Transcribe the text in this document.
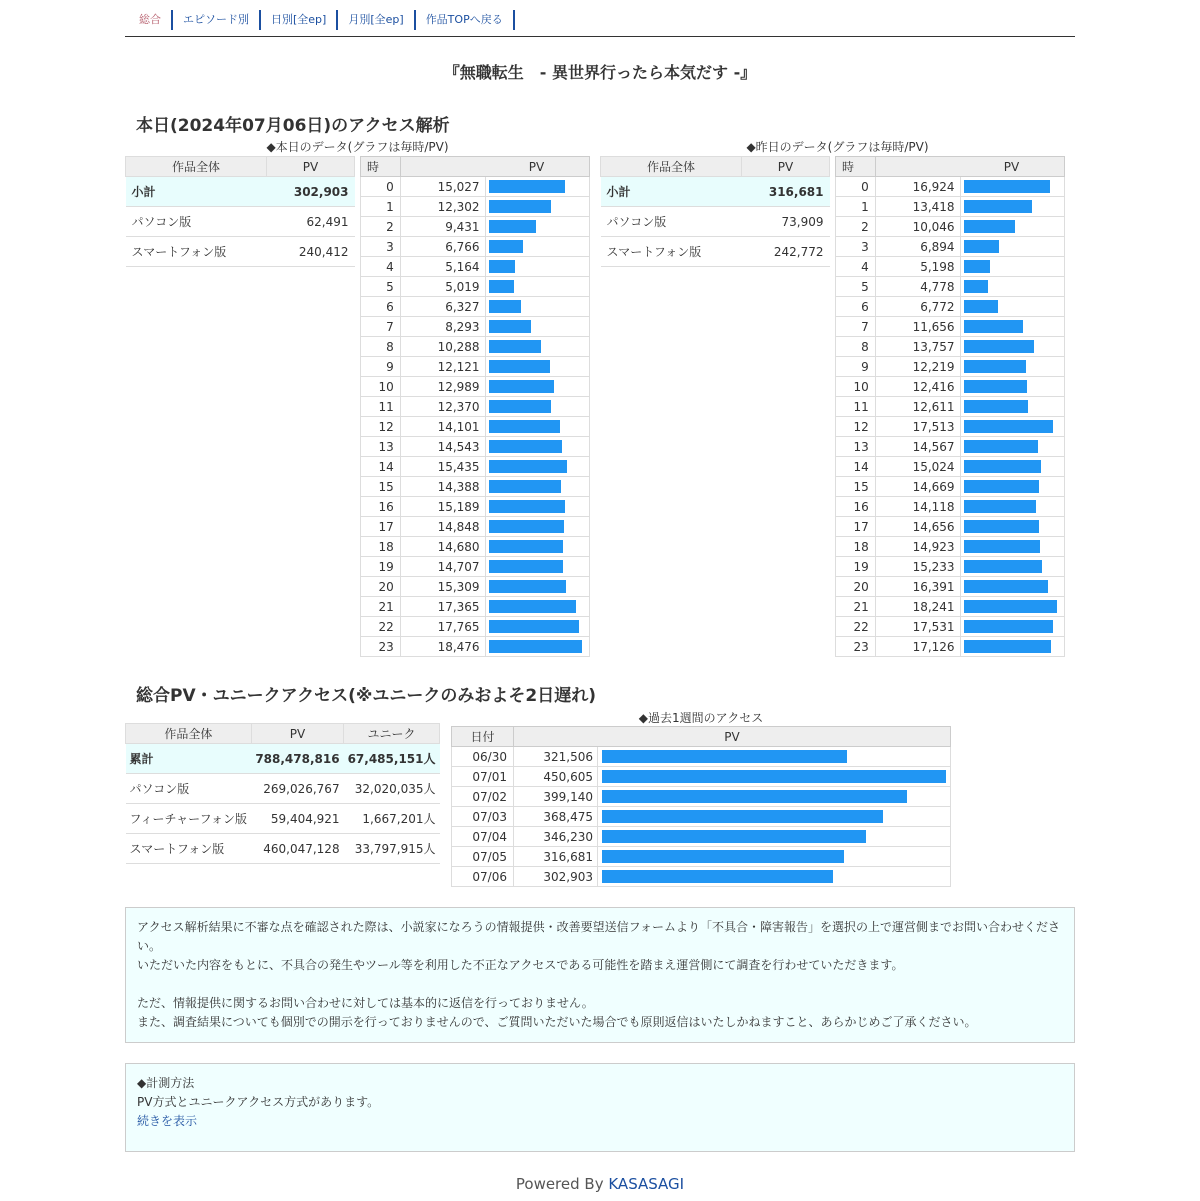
総合	エピソード別	日別[全ep]	月別[全ep]	作品TOPへ戻る
『無職転生　- 異世界行ったら本気だす -』
本日(2024年07月06日)のアクセス解析
◆本日のデータ(グラフは毎時/PV)
作品全体	PV
小計	302,903
パソコン版	62,491
スマートフォン版	240,412
時	PV	
0	15,027	

1	12,302	

2	9,431	

3	6,766	

4	5,164	

5	5,019	

6	6,327	

7	8,293	

8	10,288	

9	12,121	

10	12,989	

11	12,370	

12	14,101	

13	14,543	

14	15,435	

15	14,388	

16	15,189	

17	14,848	

18	14,680	

19	14,707	

20	15,309	

21	17,365	

22	17,765	

23	18,476	
◆昨日のデータ(グラフは毎時/PV)
作品全体	PV
小計	316,681
パソコン版	73,909
スマートフォン版	242,772
時	PV	
0	16,924	

1	13,418	

2	10,046	

3	6,894	

4	5,198	

5	4,778	

6	6,772	

7	11,656	

8	13,757	

9	12,219	

10	12,416	

11	12,611	

12	17,513	

13	14,567	

14	15,024	

15	14,669	

16	14,118	

17	14,656	

18	14,923	

19	15,233	

20	16,391	

21	18,241	

22	17,531	

23	17,126	
総合PV・ユニークアクセス(※ユニークのみおよそ2日遅れ)
作品全体	PV	ユニーク
累計	788,478,816	67,485,151人
パソコン版	269,026,767	32,020,035人
フィーチャーフォン版	59,404,921	1,667,201人
スマートフォン版	460,047,128	33,797,915人
◆過去1週間のアクセス
日付	PV	
06/30	321,506	

07/01	450,605	

07/02	399,140	

07/03	368,475	

07/04	346,230	

07/05	316,681	

07/06	302,903	
アクセス解析結果に不審な点を確認された際は、小説家になろうの情報提供・改善要望送信フォームより「不具合・障害報告」を選択の上で運営側までお問い合わせください。
いただいた内容をもとに、不具合の発生やツール等を利用した不正なアクセスである可能性を踏まえ運営側にて調査を行わせていただきます。
ただ、情報提供に関するお問い合わせに対しては基本的に返信を行っておりません。
また、調査結果についても個別での開示を行っておりませんので、ご質問いただいた場合でも原則返信はいたしかねますこと、あらかじめご了承ください。
◆計測方法
PV方式とユニークアクセス方式があります。
続きを表示
Powered By KASASAGI
